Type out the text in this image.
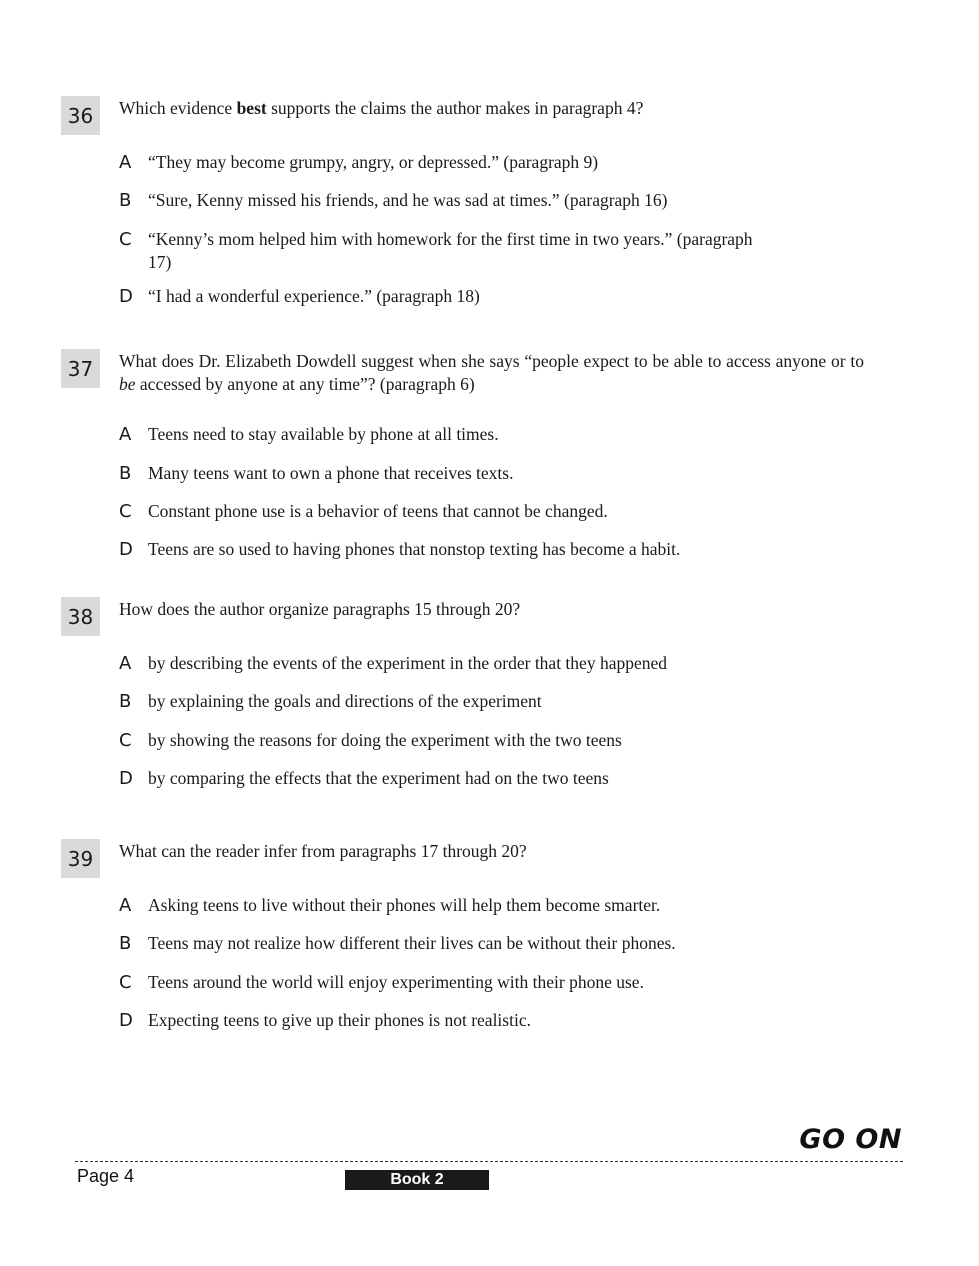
36	Which evidence best supports the claims the author makes in paragraph 4?
A “They may become grumpy, angry, or depressed.” (paragraph 9)
B “Sure, Kenny missed his friends, and he was sad at times.” (paragraph 16)
C “Kenny’s mom helped him with homework for the first time in two years.” (paragraph 17)
D “I had a wonderful experience.” (paragraph 18)
37	What does Dr. Elizabeth Dowdell suggest when she says “people expect to be able to access anyone or to be accessed by anyone at any time”? (paragraph 6)
A Teens need to stay available by phone at all times.
B Many teens want to own a phone that receives texts.
C Constant phone use is a behavior of teens that cannot be changed.
D Teens are so used to having phones that nonstop texting has become a habit.
38	How does the author organize paragraphs 15 through 20?
A by describing the events of the experiment in the order that they happened
B by explaining the goals and directions of the experiment
C by showing the reasons for doing the experiment with the two teens
D by comparing the effects that the experiment had on the two teens
39	What can the reader infer from paragraphs 17 through 20?
A Asking teens to live without their phones will help them become smarter.
B Teens may not realize how different their lives can be without their phones.
C Teens around the world will enjoy experimenting with their phone use.
D Expecting teens to give up their phones is not realistic.
GO ON
Page 4	Book 2
